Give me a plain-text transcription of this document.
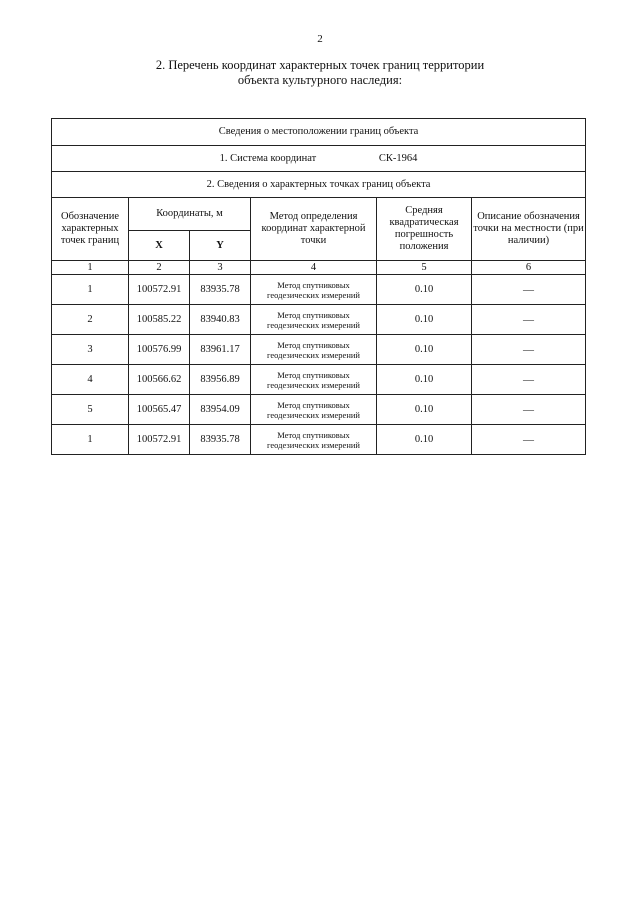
2
2. Перечень координат характерных точек границ территории
объекта культурного наследия:
Сведения о местоположении границ объекта					
1. Система координат СК-1964					
2. Сведения о характерных точках границ объекта					
Обозначение характерных точек границ	Координаты, м		Метод определения координат характерной точки	Средняя квадратическая погрешность положения	Описание обозначения точки на местности (при наличии)
	X	Y			
1	2	3	4	5	6
1	100572.91	83935.78	Метод спутниковых геодезических измерений	0.10	—
2	100585.22	83940.83	Метод спутниковых геодезических измерений	0.10	—
3	100576.99	83961.17	Метод спутниковых геодезических измерений	0.10	—
4	100566.62	83956.89	Метод спутниковых геодезических измерений	0.10	—
5	100565.47	83954.09	Метод спутниковых геодезических измерений	0.10	—
1	100572.91	83935.78	Метод спутниковых геодезических измерений	0.10	—
